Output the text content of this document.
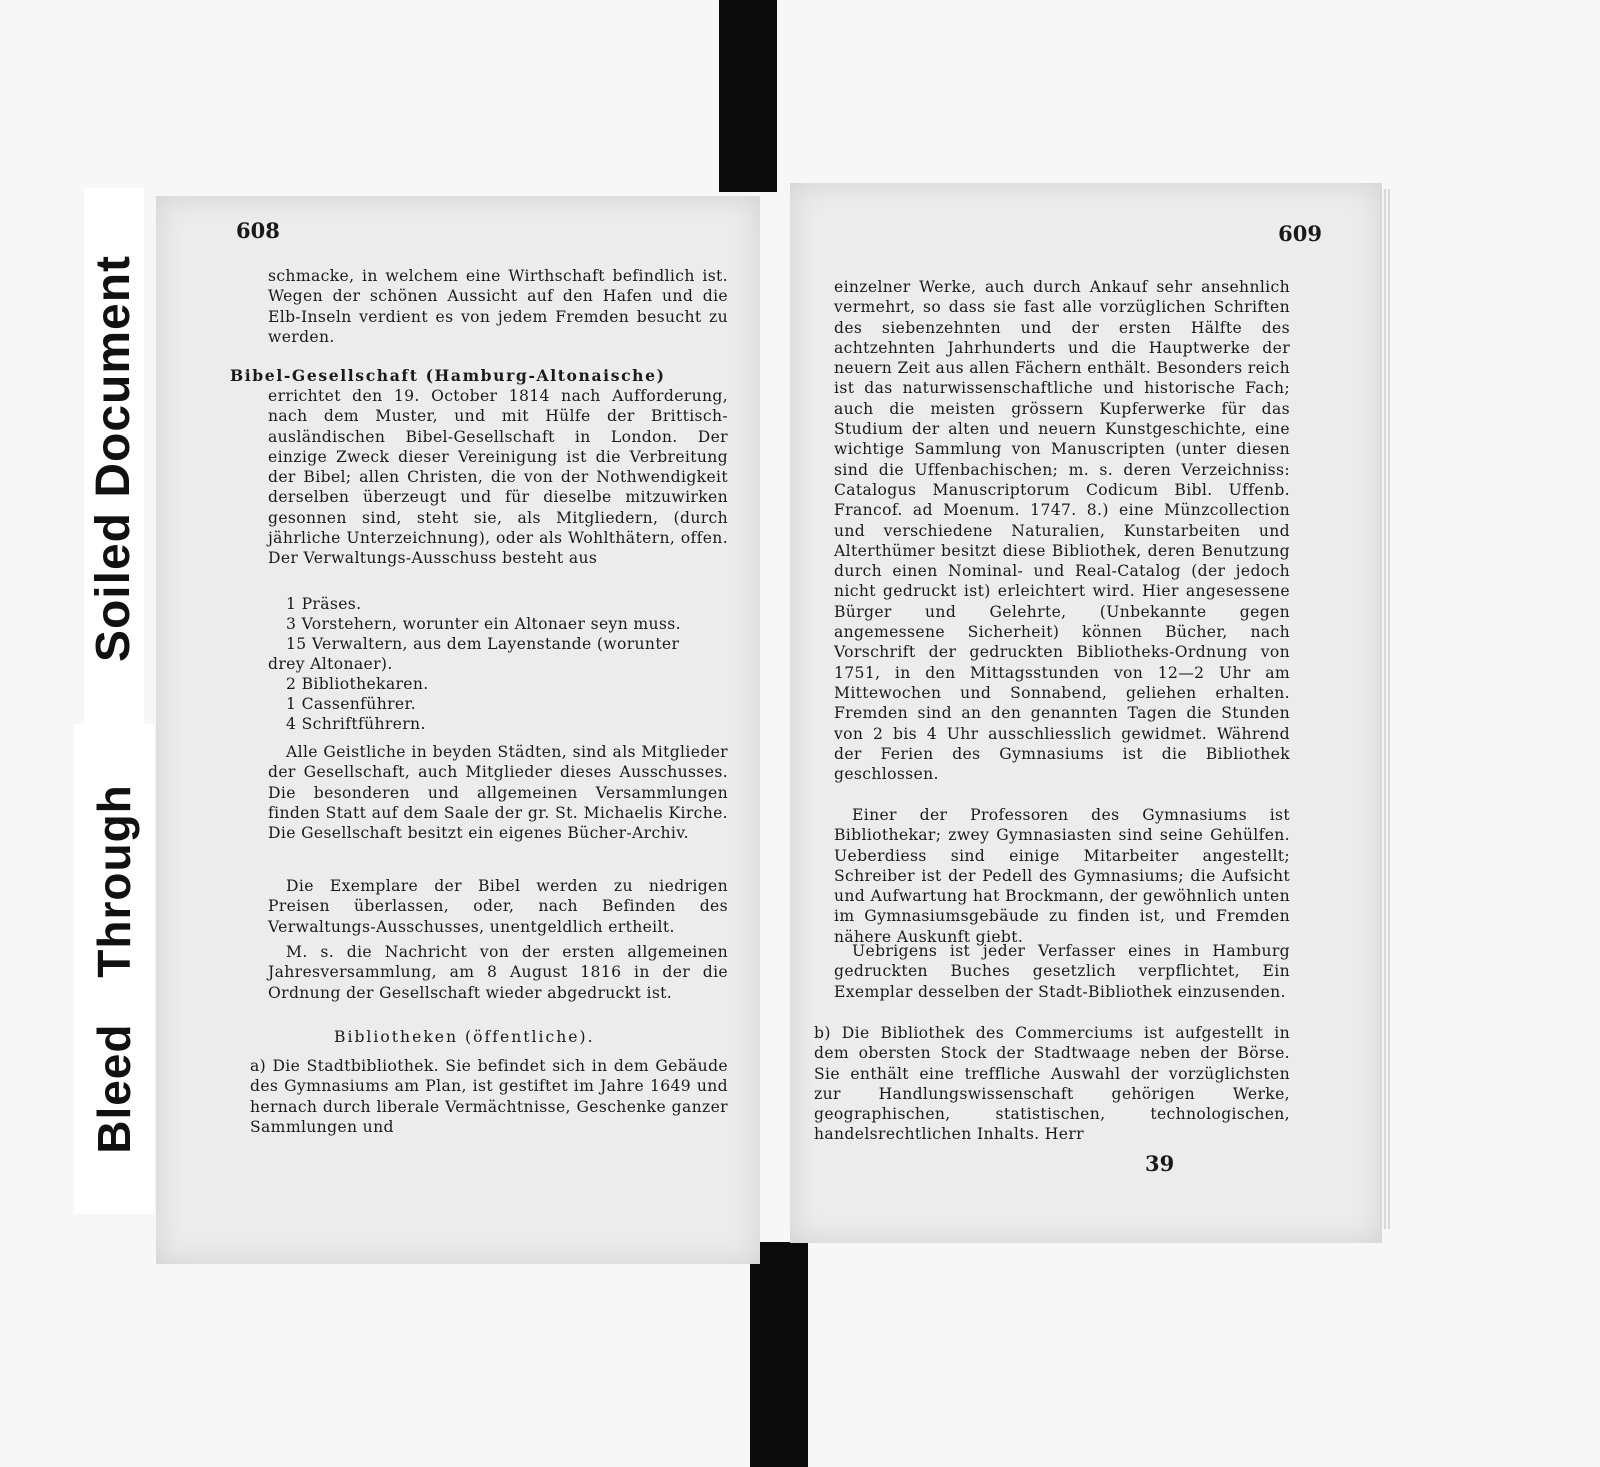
Soiled Document
Bleed Through
608
schmacke, in welchem eine Wirthschaft befindlich ist. Wegen der schönen Aussicht auf den Hafen und die Elb-Inseln verdient es von jedem Fremden besucht zu werden.
Bibel-Gesellschaft (Hamburg-Altonaische)
errichtet den 19. October 1814 nach Aufforderung, nach dem Muster, und mit Hülfe der Brittisch-ausländischen Bibel-Gesellschaft in London. Der einzige Zweck dieser Vereinigung ist die Verbreitung der Bibel; allen Christen, die von der Nothwendigkeit derselben überzeugt und für dieselbe mitzuwirken gesonnen sind, steht sie, als Mitgliedern, (durch jährliche Unterzeichnung), oder als Wohlthätern, offen. Der Verwaltungs-Ausschuss besteht aus
1 Präses.
3 Vorstehern, worunter ein Altonaer seyn muss.
15 Verwaltern, aus dem Layenstande (worunter
drey Altonaer).
2 Bibliothekaren.
1 Cassenführer.
4 Schriftführern.
Alle Geistliche in beyden Städten, sind als Mitglieder der Gesellschaft, auch Mitglieder dieses Ausschusses. Die besonderen und allgemeinen Versammlungen finden Statt auf dem Saale der gr. St. Michaelis Kirche. Die Gesellschaft besitzt ein eigenes Bücher-Archiv.
Die Exemplare der Bibel werden zu niedrigen Preisen überlassen, oder, nach Befinden des Verwaltungs-Ausschusses, unentgeldlich ertheilt.
M. s. die Nachricht von der ersten allgemeinen Jahresversammlung, am 8 August 1816 in der die Ordnung der Gesellschaft wieder abgedruckt ist.
Bibliotheken (öffentliche).
a) Die Stadtbibliothek. Sie befindet sich in dem Gebäude des Gymnasiums am Plan, ist gestiftet im Jahre 1649 und hernach durch liberale Vermächtnisse, Geschenke ganzer Sammlungen und
609
einzelner Werke, auch durch Ankauf sehr ansehnlich vermehrt, so dass sie fast alle vorzüglichen Schriften des siebenzehnten und der ersten Hälfte des achtzehnten Jahrhunderts und die Hauptwerke der neuern Zeit aus allen Fächern enthält. Besonders reich ist das naturwissenschaftliche und historische Fach; auch die meisten grössern Kupferwerke für das Studium der alten und neuern Kunstgeschichte, eine wichtige Sammlung von Manuscripten (unter diesen sind die Uffenbachischen; m. s. deren Verzeichniss: Catalogus Manuscriptorum Codicum Bibl. Uffenb. Francof. ad Moenum. 1747. 8.) eine Münzcollection und verschiedene Naturalien, Kunstarbeiten und Alterthümer besitzt diese Bibliothek, deren Benutzung durch einen Nominal- und Real-Catalog (der jedoch nicht gedruckt ist) erleichtert wird. Hier angesessene Bürger und Gelehrte, (Unbekannte gegen angemessene Sicherheit) können Bücher, nach Vorschrift der gedruckten Bibliotheks-Ordnung von 1751, in den Mittagsstunden von 12—2 Uhr am Mittewochen und Sonnabend, geliehen erhalten. Fremden sind an den genannten Tagen die Stunden von 2 bis 4 Uhr ausschliesslich gewidmet. Während der Ferien des Gymnasiums ist die Bibliothek geschlossen.
Einer der Professoren des Gymnasiums ist Bibliothekar; zwey Gymnasiasten sind seine Gehülfen. Ueberdiess sind einige Mitarbeiter angestellt; Schreiber ist der Pedell des Gymnasiums; die Aufsicht und Aufwartung hat Brockmann, der gewöhnlich unten im Gymnasiumsgebäude zu finden ist, und Fremden nähere Auskunft giebt.
Uebrigens ist jeder Verfasser eines in Hamburg gedruckten Buches gesetzlich verpflichtet, Ein Exemplar desselben der Stadt-Bibliothek einzusenden.
b) Die Bibliothek des Commerciums ist aufgestellt in dem obersten Stock der Stadtwaage neben der Börse. Sie enthält eine treffliche Auswahl der vorzüglichsten zur Handlungswissenschaft gehörigen Werke, geographischen, statistischen, technologischen, handelsrechtlichen Inhalts. Herr
39
